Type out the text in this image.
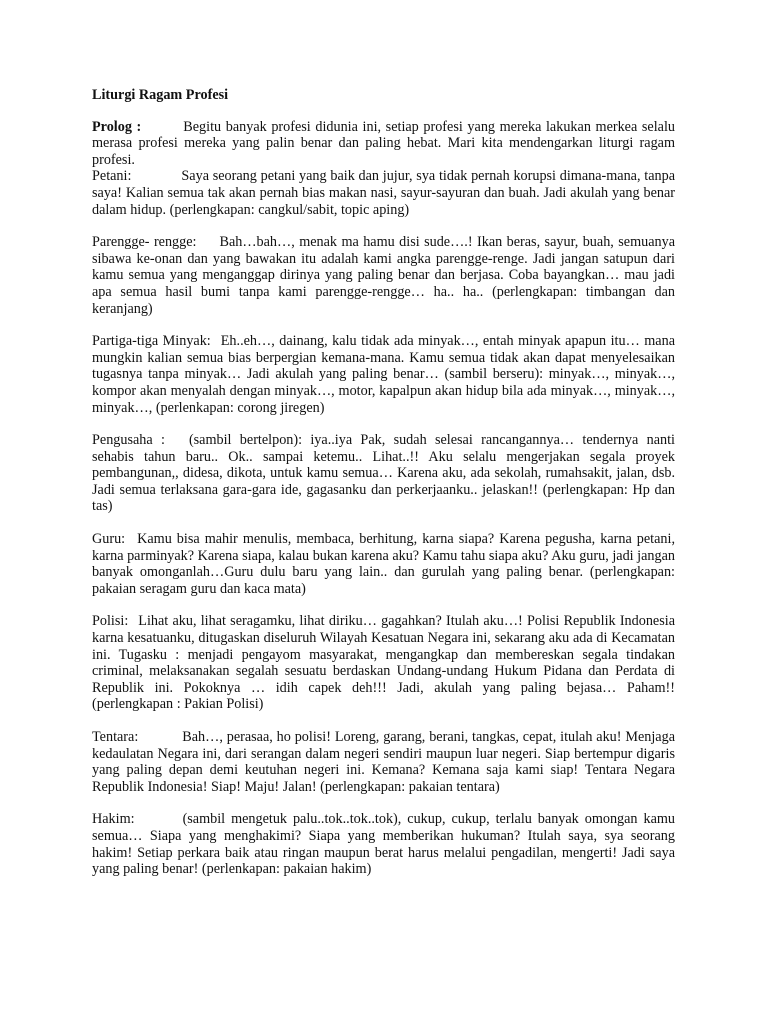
Liturgi Ragam Profesi

Prolog :	Begitu banyak profesi didunia ini, setiap profesi yang mereka lakukan merkea selalu merasa profesi mereka yang palin benar dan paling hebat. Mari kita mendengarkan liturgi ragam profesi.

Petani:	Saya seorang petani yang baik dan jujur, sya tidak pernah korupsi dimana-mana, tanpa saya! Kalian semua tak akan pernah bias makan nasi, sayur-sayuran dan buah. Jadi akulah yang benar dalam hidup. (perlengkapan: cangkul/sabit, topic aping)

Parengge- rengge: Bah…bah…, menak ma hamu disi sude….! Ikan beras, sayur, buah, semuanya sibawa ke-onan dan yang bawakan itu adalah kami angka parengge-renge. Jadi jangan satupun dari kamu semua yang menganggap dirinya yang paling benar dan berjasa. Coba bayangkan… mau jadi apa semua hasil bumi tanpa kami parengge-rengge… ha.. ha.. (perlengkapan: timbangan dan keranjang)

Partiga-tiga Minyak: Eh..eh…, dainang, kalu tidak ada minyak…, entah minyak apapun itu… mana mungkin kalian semua bias berpergian kemana-mana. Kamu semua tidak akan dapat menyelesaikan tugasnya tanpa minyak… Jadi akulah yang paling benar… (sambil berseru): minyak…, minyak…, kompor akan menyalah dengan minyak…, motor, kapalpun akan hidup bila ada minyak…, minyak…, minyak…, (perlenkapan: corong jiregen)

Pengusaha : (sambil bertelpon): iya..iya Pak, sudah selesai rancangannya… tendernya nanti sehabis tahun baru.. Ok.. sampai ketemu.. Lihat..!! Aku selalu mengerjakan segala proyek pembangunan,, didesa, dikota, untuk kamu semua… Karena aku, ada sekolah, rumahsakit, jalan, dsb. Jadi semua terlaksana gara-gara ide, gagasanku dan perkerjaanku.. jelaskan!! (perlengkapan: Hp dan tas)

Guru: Kamu bisa mahir menulis, membaca, berhitung, karna siapa? Karena pegusha, karna petani, karna parminyak? Karena siapa, kalau bukan karena aku? Kamu tahu siapa aku? Aku guru, jadi jangan banyak omonganlah…Guru dulu baru yang lain.. dan gurulah yang paling benar. (perlengkapan: pakaian seragam guru dan kaca mata)

Polisi: Lihat aku, lihat seragamku, lihat diriku… gagahkan? Itulah aku…! Polisi Republik Indonesia karna kesatuanku, ditugaskan diseluruh Wilayah Kesatuan Negara ini, sekarang aku ada di Kecamatan ini. Tugasku : menjadi pengayom masyarakat, mengangkap dan membereskan segala tindakan criminal, melaksanakan segalah sesuatu berdaskan Undang-undang Hukum Pidana dan Perdata di Republik ini. Pokoknya … idih capek deh!!! Jadi, akulah yang paling bejasa… Paham!! (perlengkapan : Pakian Polisi)

Tentara:	Bah…, perasaa, ho polisi! Loreng, garang, berani, tangkas, cepat, itulah aku! Menjaga kedaulatan Negara ini, dari serangan dalam negeri sendiri maupun luar negeri. Siap bertempur digaris yang paling depan demi keutuhan negeri ini. Kemana? Kemana saja kami siap! Tentara Negara Republik Indonesia! Siap! Maju! Jalan! (perlengkapan: pakaian tentara)

Hakim:	(sambil mengetuk palu..tok..tok..tok), cukup, cukup, terlalu banyak omongan kamu semua… Siapa yang menghakimi? Siapa yang memberikan hukuman? Itulah saya, sya seorang hakim! Setiap perkara baik atau ringan maupun berat harus melalui pengadilan, mengerti! Jadi saya yang paling benar! (perlenkapan: pakaian hakim)
